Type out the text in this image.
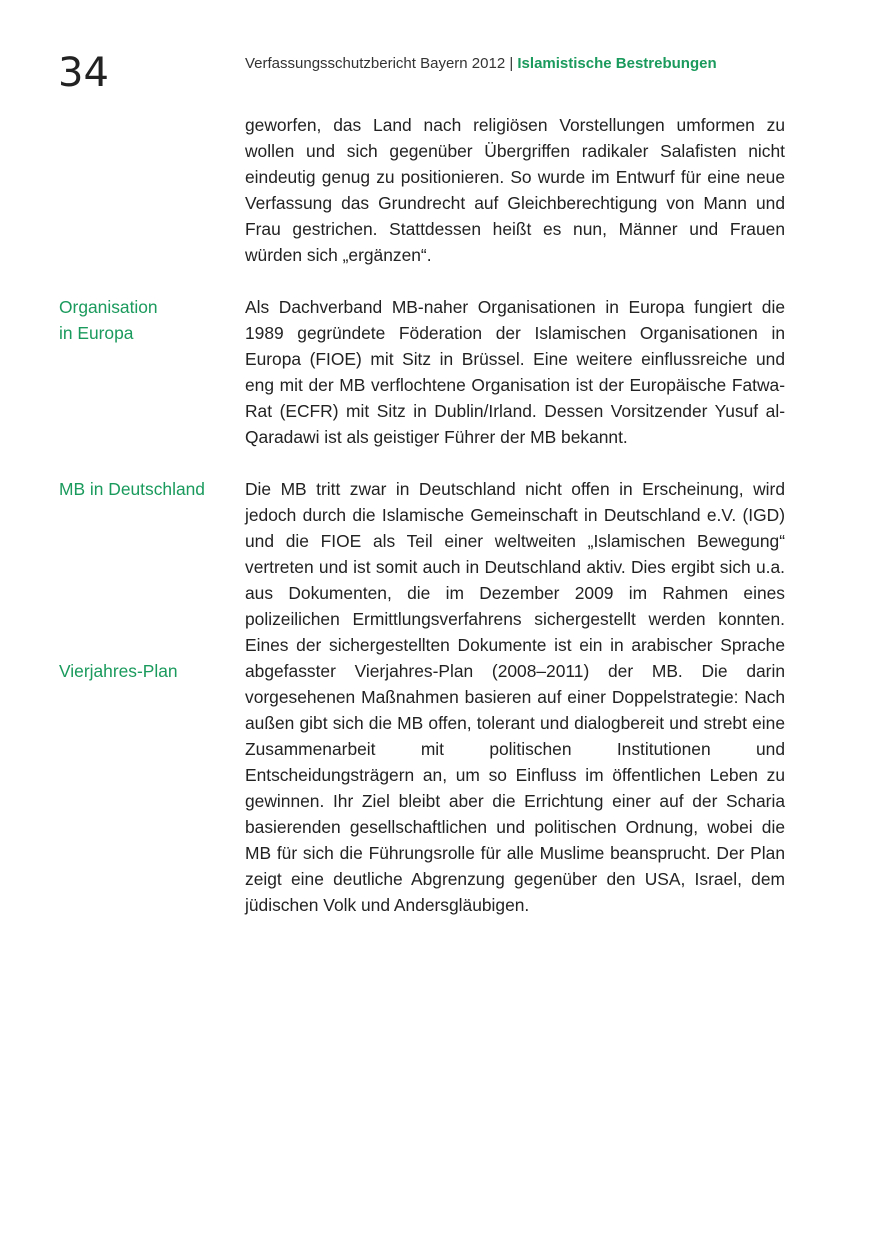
34	Verfassungsschutzbericht Bayern 2012 | Islamistische Bestrebungen
geworfen, das Land nach religiösen Vorstellungen umformen zu wollen und sich gegenüber Übergriffen radikaler Salafisten nicht eindeutig genug zu positionieren. So wurde im Entwurf für eine neue Verfassung das Grundrecht auf Gleichberechtigung von Mann und Frau gestrichen. Stattdessen heißt es nun, Männer und Frauen würden sich „ergänzen“.
Organisation
in Europa
Als Dachverband MB-naher Organisationen in Europa fungiert die 1989 gegründete Föderation der Islamischen Organisationen in Europa (FIOE) mit Sitz in Brüssel. Eine weitere einflussreiche und eng mit der MB verflochtene Organisation ist der Europäische Fatwa-Rat (ECFR) mit Sitz in Dublin/Irland. Dessen Vorsitzender Yusuf al-Qaradawi ist als geistiger Führer der MB bekannt.
MB in Deutschland
Vierjahres-Plan
Die MB tritt zwar in Deutschland nicht offen in Erscheinung, wird jedoch durch die Islamische Gemeinschaft in Deutschland e.V. (IGD) und die FIOE als Teil einer weltweiten „Islamischen Bewegung“ vertreten und ist somit auch in Deutschland aktiv. Dies ergibt sich u.a. aus Dokumenten, die im Dezember 2009 im Rahmen eines polizeilichen Ermittlungsverfahrens sichergestellt werden konnten. Eines der sichergestellten Dokumente ist ein in arabischer Sprache abgefasster Vierjahres-Plan (2008–2011) der MB. Die darin vorgesehenen Maßnahmen basieren auf einer Doppelstrategie: Nach außen gibt sich die MB offen, tolerant und dialogbereit und strebt eine Zusammenarbeit mit politischen Institutionen und Entscheidungsträgern an, um so Einfluss im öffentlichen Leben zu gewinnen. Ihr Ziel bleibt aber die Errichtung einer auf der Scharia basierenden gesellschaftlichen und politischen Ordnung, wobei die MB für sich die Führungsrolle für alle Muslime beansprucht. Der Plan zeigt eine deutliche Abgrenzung gegenüber den USA, Israel, dem jüdischen Volk und Andersgläubigen.
